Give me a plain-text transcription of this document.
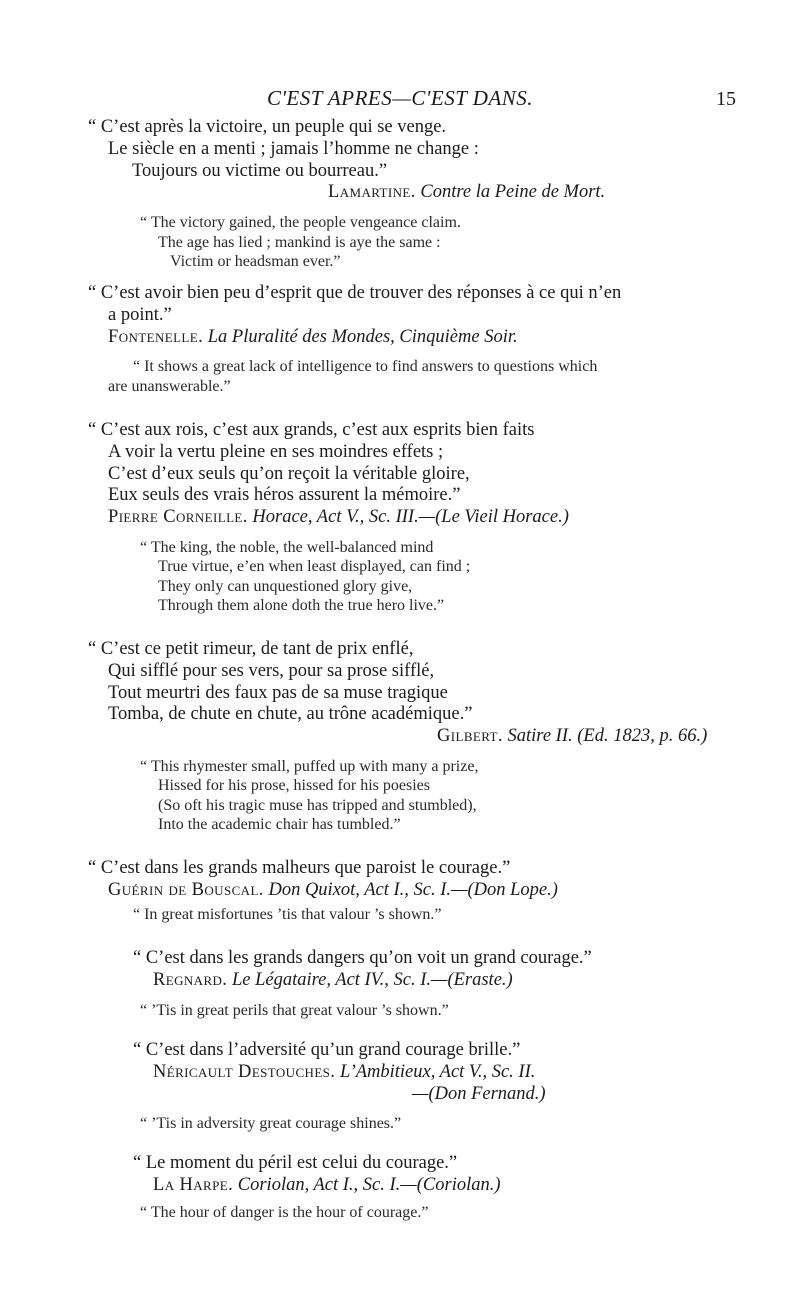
C'EST APRES—C'EST DANS.	15
“ C’est après la victoire, un peuple qui se venge.
Le siècle en a menti ; jamais l’homme ne change :
Toujours ou victime ou bourreau.”
Lamartine. Contre la Peine de Mort.
“ The victory gained, the people vengeance claim.
The age has lied ; mankind is aye the same :
Victim or headsman ever.”
“ C’est avoir bien peu d’esprit que de trouver des réponses à ce qui n’en
a point.”
Fontenelle. La Pluralité des Mondes, Cinquième Soir.
“ It shows a great lack of intelligence to find answers to questions which
are unanswerable.”
“ C’est aux rois, c’est aux grands, c’est aux esprits bien faits
A voir la vertu pleine en ses moindres effets ;
C’est d’eux seuls qu’on reçoit la véritable gloire,
Eux seuls des vrais héros assurent la mémoire.”
Pierre Corneille. Horace, Act V., Sc. III.—(Le Vieil Horace.)
“ The king, the noble, the well-balanced mind
True virtue, e’en when least displayed, can find ;
They only can unquestioned glory give,
Through them alone doth the true hero live.”
“ C’est ce petit rimeur, de tant de prix enflé,
Qui sifflé pour ses vers, pour sa prose sifflé,
Tout meurtri des faux pas de sa muse tragique
Tomba, de chute en chute, au trône académique.”
Gilbert. Satire II. (Ed. 1823, p. 66.)
“ This rhymester small, puffed up with many a prize,
Hissed for his prose, hissed for his poesies
(So oft his tragic muse has tripped and stumbled),
Into the academic chair has tumbled.”
“ C’est dans les grands malheurs que paroist le courage.”
Guérin de Bouscal. Don Quixot, Act I., Sc. I.—(Don Lope.)
“ In great misfortunes ’tis that valour ’s shown.”
“ C’est dans les grands dangers qu’on voit un grand courage.”
Regnard. Le Légataire, Act IV., Sc. I.—(Eraste.)
“ ’Tis in great perils that great valour ’s shown.”
“ C’est dans l’adversité qu’un grand courage brille.”
Néricault Destouches. L’Ambitieux, Act V., Sc. II.
—(Don Fernand.)
“ ’Tis in adversity great courage shines.”
“ Le moment du péril est celui du courage.”
La Harpe. Coriolan, Act I., Sc. I.—(Coriolan.)
“ The hour of danger is the hour of courage.”
